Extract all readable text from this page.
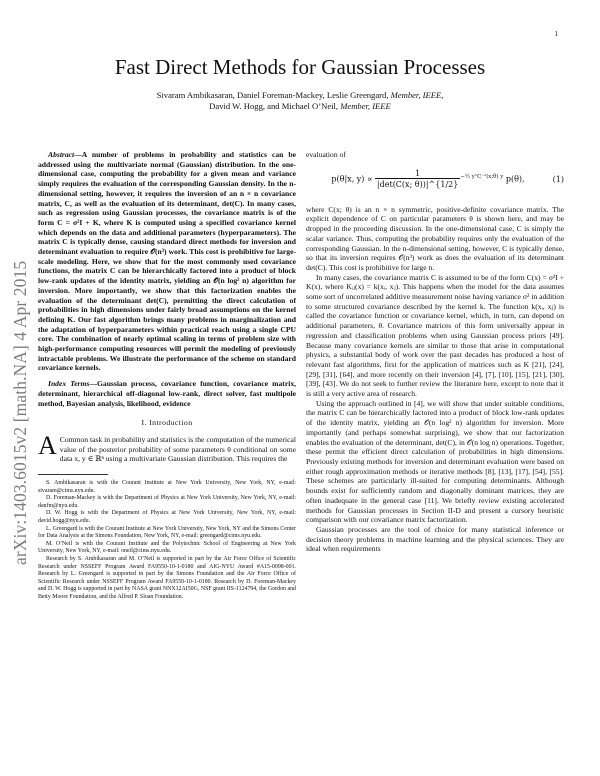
1
arXiv:1403.6015v2 [math.NA] 4 Apr 2015
Fast Direct Methods for Gaussian Processes
Sivaram Ambikasaran, Daniel Foreman-Mackey, Leslie Greengard, Member, IEEE,
David W. Hogg, and Michael O’Neil, Member, IEEE

Abstract—A number of problems in probability and statistics can be addressed using the multivariate normal (Gaussian) distribution. In the one-dimensional case, computing the probability for a given mean and variance simply requires the evaluation of the corresponding Gaussian density. In the n-dimensional setting, however, it requires the inversion of an n × n covariance matrix, C, as well as the evaluation of its determinant, det(C). In many cases, such as regression using Gaussian processes, the covariance matrix is of the form C = σ²I + K, where K is computed using a specified covariance kernel which depends on the data and additional parameters (hyperparameters). The matrix C is typically dense, causing standard direct methods for inversion and determinant evaluation to require 𝒪(n³) work. This cost is prohibitive for large-scale modeling. Here, we show that for the most commonly used covariance functions, the matrix C can be hierarchically factored into a product of block low-rank updates of the identity matrix, yielding an 𝒪(n log² n) algorithm for inversion. More importantly, we show that this factorization enables the evaluation of the determinant det(C), permitting the direct calculation of probabilities in high dimensions under fairly broad assumptions on the kernel defining K. Our fast algorithm brings many problems in marginalization and the adaptation of hyperparameters within practical reach using a single CPU core. The combination of nearly optimal scaling in terms of problem size with high-performance computing resources will permit the modeling of previously intractable problems. We illustrate the performance of the scheme on standard covariance kernels.

Index Terms—Gaussian process, covariance function, covariance matrix, determinant, hierarchical off-diagonal low-rank, direct solver, fast multipole method, Bayesian analysis, likelihood, evidence

I. Introduction

A Common task in probability and statistics is the computation of the numerical value of the posterior probability of some parameters θ conditional on some data x, y ∈ ℝⁿ using a multivariate Gaussian distribution. This requires the

S. Ambikasaran is with the Courant Institute at New York University, New York, NY, e-mail: sivaram@cims.nyu.edu.

D. Foreman-Mackey is with the Department of Physics at New York University, New York, NY, e-mail: danfm@nyu.edu.

D. W. Hogg is with the Department of Physics at New York University, New York, NY, e-mail: david.hogg@nyu.edu.

L. Greengard is with the Courant Institute at New York University, New York, NY and the Simons Center for Data Analysis at the Simons Foundation, New York, NY, e-mail: greengard@cims.nyu.edu.

M. O’Neil is with the Courant Institute and the Polytechnic School of Engineering at New York University, New York, NY, e-mail: oneil@cims.nyu.edu.

Research by S. Ambikasaran and M. O’Neil is supported in part by the Air Force Office of Scientific Research under NSSEFF Program Award FA9550-10-1-0180 and AIG-NYU Award #A15-0098-001. Research by L. Greengard is supported in part by the Simons Foundation and the Air Force Office of Scientific Research under NSSEFF Program Award FA9550-10-1-0180. Research by D. Foreman-Mackey and D. W. Hogg is supported in part by NASA grant NNX12AI50G, NSF grant IIS-1124794, the Gordon and Betty Moore Foundation, and the Alfred P. Sloan Foundation.

evaluation of

p(θ|x, $y) \propto \frac{1}{|\det(C(x; \theta))|\^{}\{1/2\}} ^{-\frac{1}{2} yᵀC^{-1}(x;\theta) y}$ p(θ),	(1)

where C(x; θ) is an n × n symmetric, positive-definite covariance matrix. The explicit dependence of C on particular parameters θ is shown here, and may be dropped in the proceeding discussion. In the one-dimensional case, C is simply the scalar variance. Thus, computing the probability requires only the evaluation of the corresponding Gaussian. In the n-dimensional setting, however, C is typically dense, so that its inversion requires 𝒪(n³) work as does the evaluation of its determinant det(C). This cost is prohibitive for large n.

In many cases, the covariance matrix C is assumed to be of the form C(x) = σ²I + K(x), where Kᵢⱼ(x) = k(xᵢ, xⱼ). This happens when the model for the data assumes some sort of uncorrelated additive measurement noise having variance σ² in addition to some structured covariance described by the kernel k. The function k(xᵢ, xⱼ) is called the covariance function or covariance kernel, which, in turn, can depend on additional parameters, θ. Covariance matrices of this form universally appear in regression and classification problems when using Gaussian process priors [49]. Because many covariance kernels are similar to those that arise in computational physics, a substantial body of work over the past decades has produced a host of relevant fast algorithms, first for the application of matrices such as K [21], [24], [29], [31], [64], and more recently on their inversion [4], [7], [10], [15], [21], [30], [39], [43]. We do not seek to further review the literature here, except to note that it is still a very active area of research.

Using the approach outlined in [4], we will show that under suitable conditions, the matrix C can be hierarchically factored into a product of block low-rank updates of the identity matrix, yielding an 𝒪(n log² n) algorithm for inversion. More importantly (and perhaps somewhat surprising), we show that our factorization enables the evaluation of the determinant, det(C), in 𝒪(n log n) operations. Together, these permit the efficient direct calculation of probabilities in high dimensions. Previously existing methods for inversion and determinant evaluation were based on either rough approximation methods or iterative methods [8], [13], [17], [54], [55]. These schemes are particularly ill-suited for computing determinants. Although bounds exist for sufficiently random and diagonally dominant matrices, they are often inadequate in the general case [11]. We briefly review existing accelerated methods for Gaussian processes in Section II-D and present a cursory heuristic comparison with our covariance matrix factorization.

Gaussian processes are the tool of choice for many statistical inference or decision theory problems in machine learning and the physical sciences. They are ideal when requirements
